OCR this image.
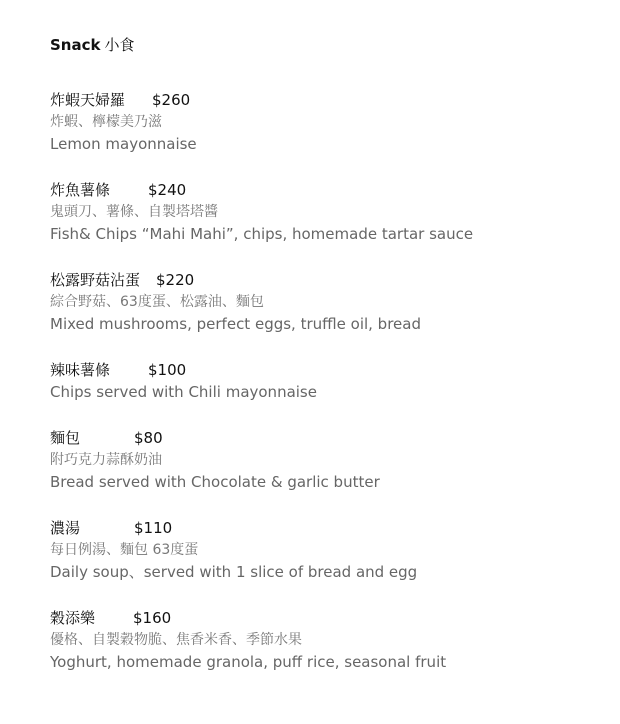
Snack 小食
炸蝦天婦羅 $260
炸蝦、檸檬美乃滋
Lemon mayonnaise
炸魚薯條	$240
鬼頭刀、薯條、自製塔塔醬
Fish& Chips “Mahi Mahi”, chips, homemade tartar sauce
松露野菇沾蛋 $220
綜合野菇、63度蛋、松露油、麵包
Mixed mushrooms, perfect eggs, truffle oil, bread
辣味薯條	$100
Chips served with Chili mayonnaise
麵包	$80
附巧克力蒜酥奶油
Bread served with Chocolate & garlic butter
濃湯	$110
每日例湯、麵包 63度蛋
Daily soup、served with 1 slice of bread and egg
穀添樂	$160
優格、自製穀物脆、焦香米香、季節水果
Yoghurt, homemade granola, puff rice, seasonal fruit
